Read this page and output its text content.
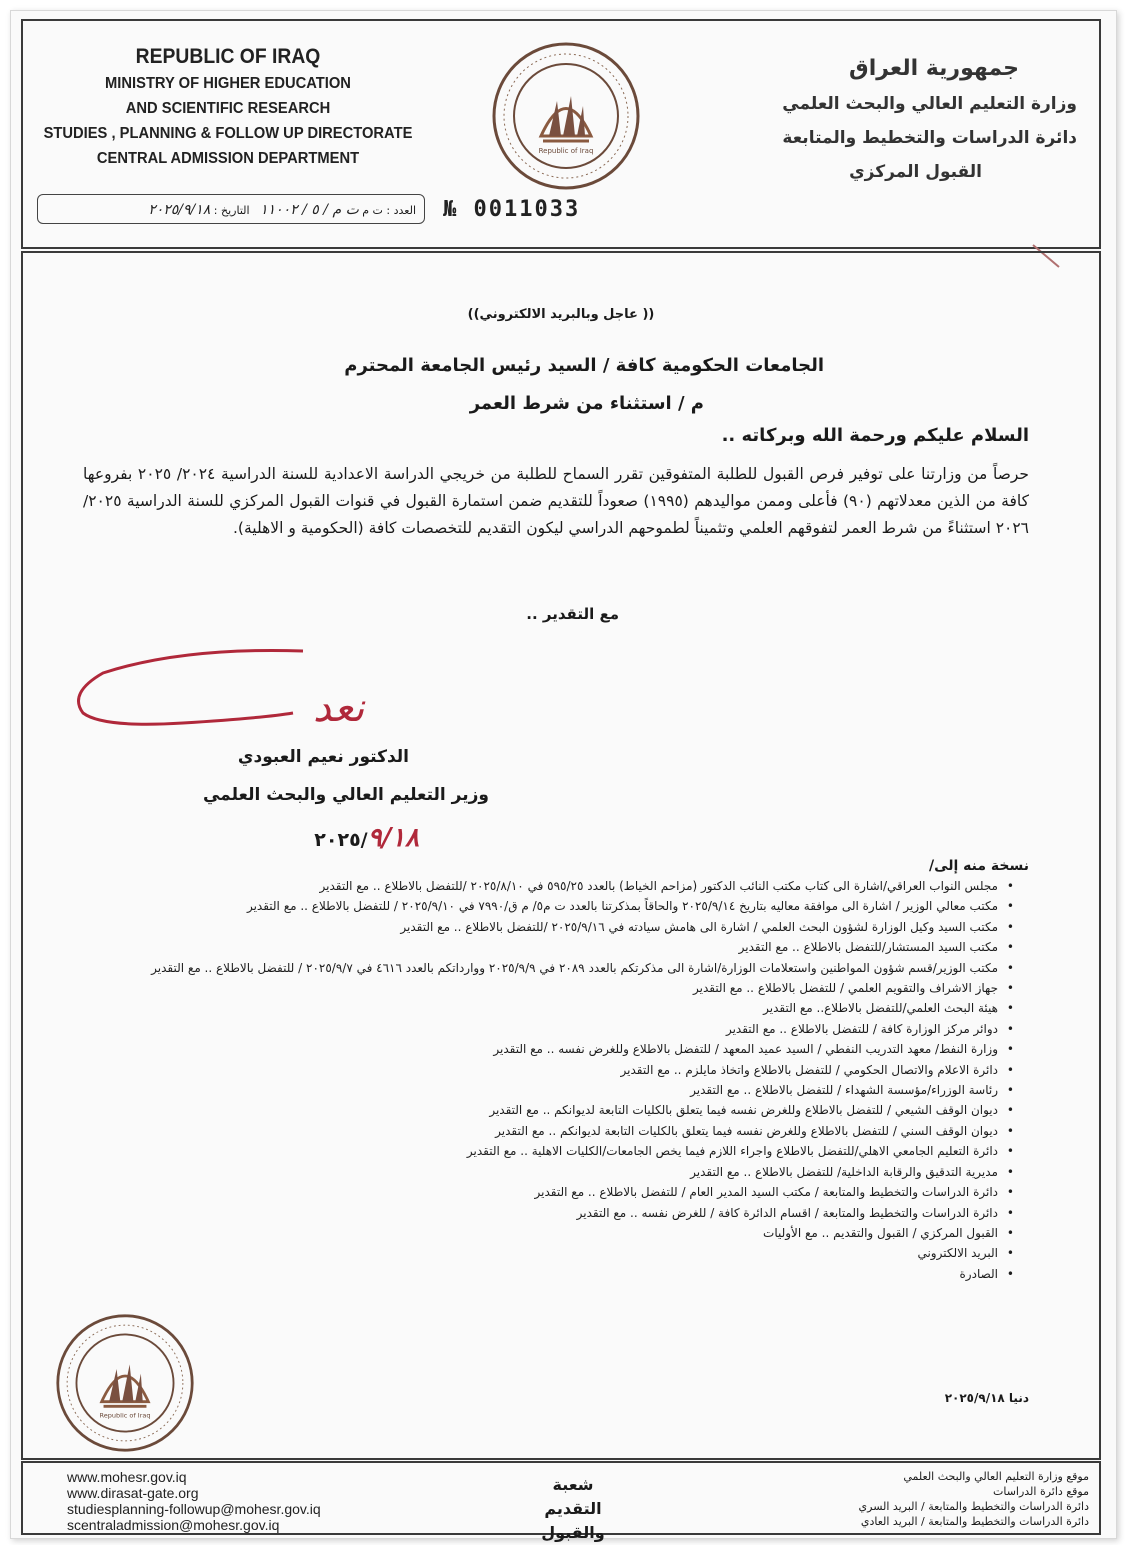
REPUBLIC OF IRAQ
MINISTRY OF HIGHER EDUCATION
AND SCIENTIFIC RESEARCH
STUDIES , PLANNING & FOLLOW UP DIRECTORATE
CENTRAL ADMISSION DEPARTMENT	Republic of Iraq
جمهورية العراق
وزارة التعليم العالي والبحث العلمي
دائرة الدراسات والتخطيط والمتابعة
القبول المركزي
العدد : ت م ت م / ٥ / ١١٠٠٢   التاريخ : ٢٠٢٥/٩/١٨	№ 0011033
(( عاجل وبالبريد الالكتروني))
الجامعات الحكومية كافة / السيد رئيس الجامعة المحترم
م / استثناء من شرط العمر
السلام عليكم ورحمة الله وبركاته ..
حرصاً من وزارتنا على توفير فرص القبول للطلبة المتفوقين تقرر السماح للطلبة من خريجي الدراسة الاعدادية للسنة الدراسية ٢٠٢٤/ ٢٠٢٥ بفروعها كافة من الذين معدلاتهم (٩٠) فأعلى وممن مواليدهم (١٩٩٥) صعوداً للتقديم ضمن استمارة القبول في قنوات القبول المركزي للسنة الدراسية ٢٠٢٥/ ٢٠٢٦ استثناءً من شرط العمر لتفوقهم العلمي وتثميناً لطموحهم الدراسي ليكون التقديم للتخصصات كافة (الحكومية و الاهلية).
مع التقدير ..
نعد
الدكتور نعيم العبودي
وزير التعليم العالي والبحث العلمي
٢٠٢٥/٩/١٨
نسخة منه إلى/
• مجلس النواب العراقي/اشارة الى كتاب مكتب النائب الدكتور (مزاحم الخياط) بالعدد ٥٩٥/٢٥ في ٢٠٢٥/٨/١٠ /للتفضل بالاطلاع .. مع التقدير
• مكتب معالي الوزير / اشارة الى موافقة معاليه بتاريخ ٢٠٢٥/٩/١٤ والحاقاً بمذكرتنا بالعدد ت م٥/ م ق/٧٩٩٠ في ٢٠٢٥/٩/١٠ / للتفضل بالاطلاع .. مع التقدير
• مكتب السيد وكيل الوزارة لشؤون البحث العلمي / اشارة الى هامش سيادته في ٢٠٢٥/٩/١٦ /للتفضل بالاطلاع .. مع التقدير
• مكتب السيد المستشار/للتفضل بالاطلاع .. مع التقدير
• مكتب الوزير/قسم شؤون المواطنين واستعلامات الوزارة/اشارة الى مذكرتكم بالعدد ٢٠٨٩ في ٢٠٢٥/٩/٩ ووارداتكم بالعدد ٤٦١٦ في ٢٠٢٥/٩/٧ / للتفضل بالاطلاع .. مع التقدير
• جهاز الاشراف والتقويم العلمي / للتفضل بالاطلاع .. مع التقدير
• هيئة البحث العلمي/للتفضل بالاطلاع.. مع التقدير
• دوائر مركز الوزارة كافة / للتفضل بالاطلاع .. مع التقدير
• وزارة النفط/ معهد التدريب النفطي / السيد عميد المعهد / للتفضل بالاطلاع وللغرض نفسه .. مع التقدير
• دائرة الاعلام والاتصال الحكومي / للتفضل بالاطلاع واتخاذ مايلزم .. مع التقدير
• رئاسة الوزراء/مؤسسة الشهداء / للتفضل بالاطلاع .. مع التقدير
• ديوان الوقف الشيعي / للتفضل بالاطلاع وللغرض نفسه فيما يتعلق بالكليات التابعة لديوانكم .. مع التقدير
• ديوان الوقف السني / للتفضل بالاطلاع وللغرض نفسه فيما يتعلق بالكليات التابعة لديوانكم .. مع التقدير
• دائرة التعليم الجامعي الاهلي/للتفضل بالاطلاع واجراء اللازم فيما يخص الجامعات/الكليات الاهلية .. مع التقدير
• مديرية التدقيق والرقابة الداخلية/ للتفضل بالاطلاع .. مع التقدير
• دائرة الدراسات والتخطيط والمتابعة / مكتب السيد المدير العام / للتفضل بالاطلاع .. مع التقدير
• دائرة الدراسات والتخطيط والمتابعة / اقسام الدائرة كافة / للغرض نفسه .. مع التقدير
• القبول المركزي / القبول والتقديم .. مع الأوليات
• البريد الالكتروني
• الصادرة
Republic of Iraq
دنيا ٢٠٢٥/٩/١٨
www.mohesr.gov.iq
www.dirasat-gate.org
studiesplanning-followup@mohesr.gov.iq
scentraladmission@mohesr.gov.iq
شعبة
التقديم والقبول
موقع وزارة التعليم العالي والبحث العلمي
موقع دائرة الدراسات
دائرة الدراسات والتخطيط والمتابعة / البريد السري
دائرة الدراسات والتخطيط والمتابعة / البريد العادي
